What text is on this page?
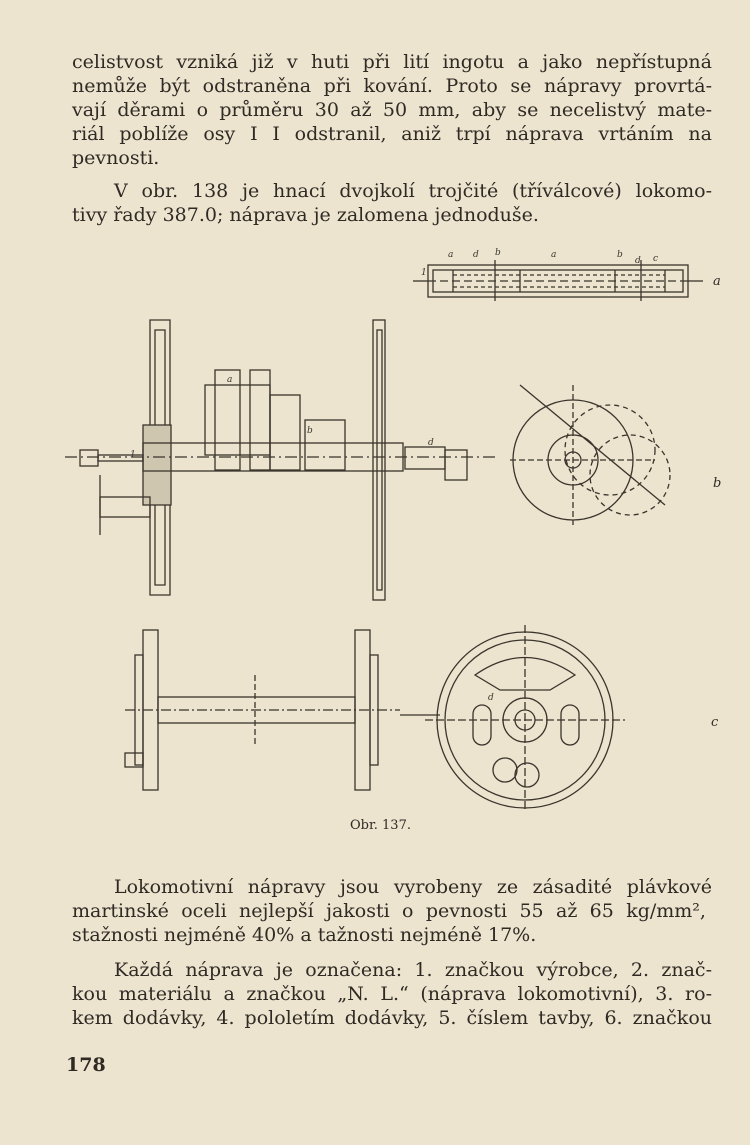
celistvost vzniká již v huti při lití ingotu a jako nepřístupná
nemůže být odstraněna při kování. Proto se nápravy provrtá-
vají děrami o průměru 30 až 50 mm, aby se necelistvý mate-
riál poblíže osy I I odstranil, aniž trpí náprava vrtáním na
pevnosti.
V obr. 138 je hnací dvojkolí trojčité (tříválcové) lokomo-
tivy řady 387.0; náprava je zalomena jednoduše.
a d b	a	b
d c
1
a
b
d
1
d
a
b
c
Obr. 137.
Lokomotivní nápravy jsou vyrobeny ze zásadité plávkové
martinské oceli nejlepší jakosti o pevnosti 55 až 65 kg/mm²,
stažnosti nejméně 40% a tažnosti nejméně 17%.
Každá náprava je označena: 1. značkou výrobce, 2. znač-
kou materiálu a značkou „N. L.“ (náprava lokomotivní), 3. ro-
kem dodávky, 4. pololetím dodávky, 5. číslem tavby, 6. značkou
178
